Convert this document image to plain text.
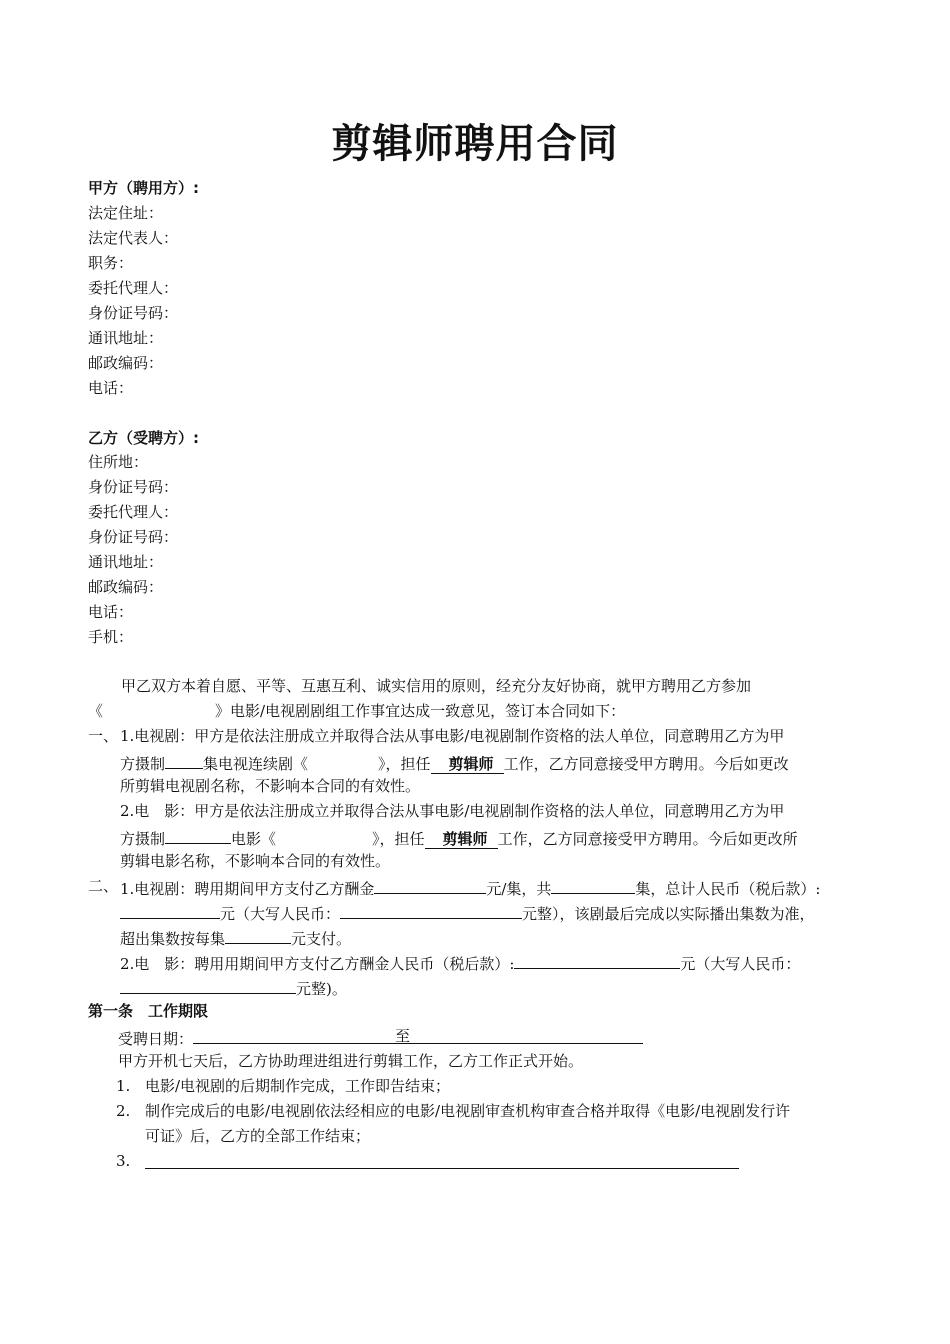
剪辑师聘用合同
甲方（聘用方）:
法定住址：
法定代表人：
职务：
委托代理人：
身份证号码：
通讯地址：
邮政编码：
电话：
乙方（受聘方）:
住所地：
身份证号码：
委托代理人：
身份证号码：
通讯地址：
邮政编码：
电话：
手机：
甲乙双方本着自愿、平等、互惠互利、诚实信用的原则，经充分友好协商，就甲方聘用乙方参加
《	》电影/电视剧剧组工作事宜达成一致意见，签订本合同如下：
一、 1.电视剧：甲方是依法注册成立并取得合法从事电影/电视剧制作资格的法人单位，同意聘用乙方为甲
方摄制	集电视连续剧《	》，担任 剪辑师 工作，乙方同意接受甲方聘用。今后如更改
所剪辑电视剧名称，不影响本合同的有效性。
2.电　影：甲方是依法注册成立并取得合法从事电影/电视剧制作资格的法人单位，同意聘用乙方为甲
方摄制	电影《	》，担任 剪辑师 工作，乙方同意接受甲方聘用。今后如更改所
剪辑电影名称，不影响本合同的有效性。
二、 1.电视剧：聘用期间甲方支付乙方酬金	元/集，共	集，总计人民币（税后款）:
元（大写人民币：	元整），该剧最后完成以实际播出集数为准，
超出集数按每集	元支付。
2.电　影：聘用用期间甲方支付乙方酬金人民币（税后款）:	元（大写人民币：
元整)。
第一条　工作期限
受聘日期：	至
甲方开机七天后，乙方协助理进组进行剪辑工作，乙方工作正式开始。
1. 电影/电视剧的后期制作完成，工作即告结束；
2. 制作完成后的电影/电视剧依法经相应的电影/电视剧审查机构审查合格并取得《电影/电视剧发行许
可证》后，乙方的全部工作结束；
3.
